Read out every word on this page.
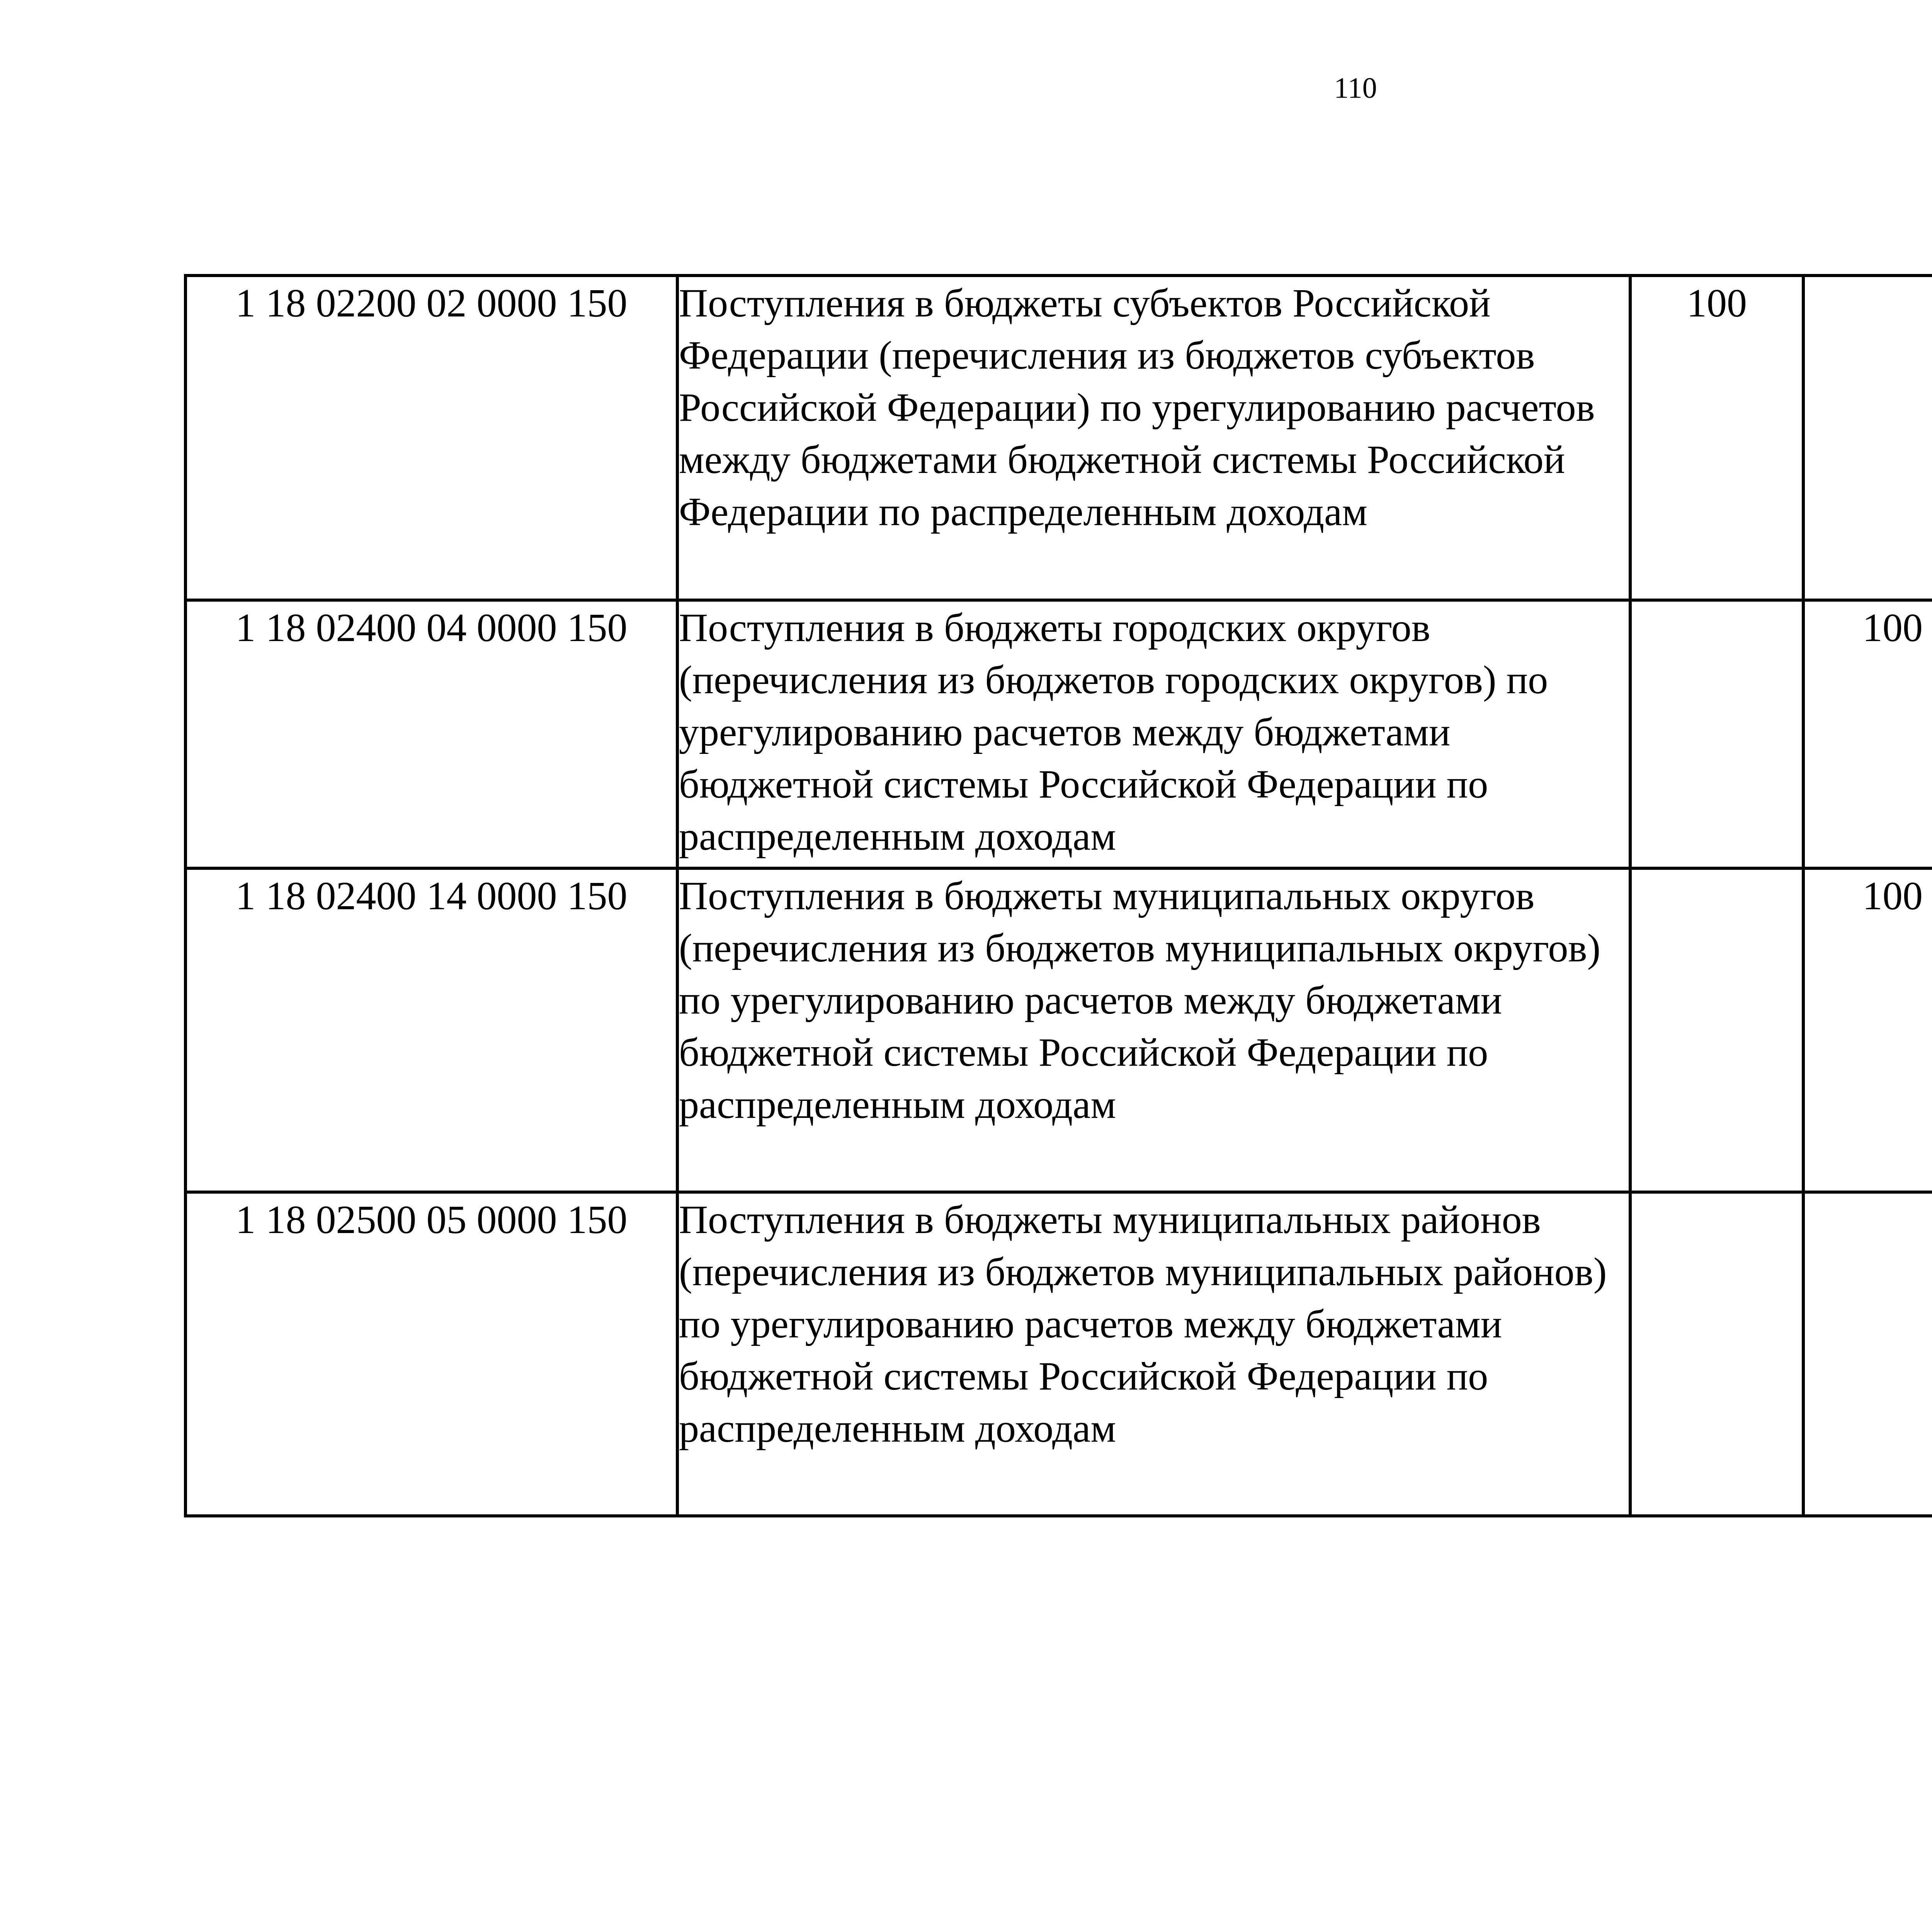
110
1 18 02200 02 0000 150	Поступления в бюджеты субъектов Российской Федерации (перечисления из бюджетов субъектов Российской Федерации) по урегулированию расчетов между бюджетами бюджетной системы Российской Федерации по распределенным доходам	100				
1 18 02400 04 0000 150	Поступления в бюджеты городских округов (перечисления из бюджетов городских округов) по урегулированию расчетов между бюджетами бюджетной системы Российской Федерации по распределенным доходам		100			
1 18 02400 14 0000 150	Поступления в бюджеты муниципальных округов (перечисления из бюджетов муниципальных округов) по урегулированию расчетов между бюджетами бюджетной системы Российской Федерации по распределенным доходам		100			
1 18 02500 05 0000 150	Поступления в бюджеты муниципальных районов (перечисления из бюджетов муниципальных районов) по урегулированию расчетов между бюджетами бюджетной системы Российской Федерации по распределенным доходам					
